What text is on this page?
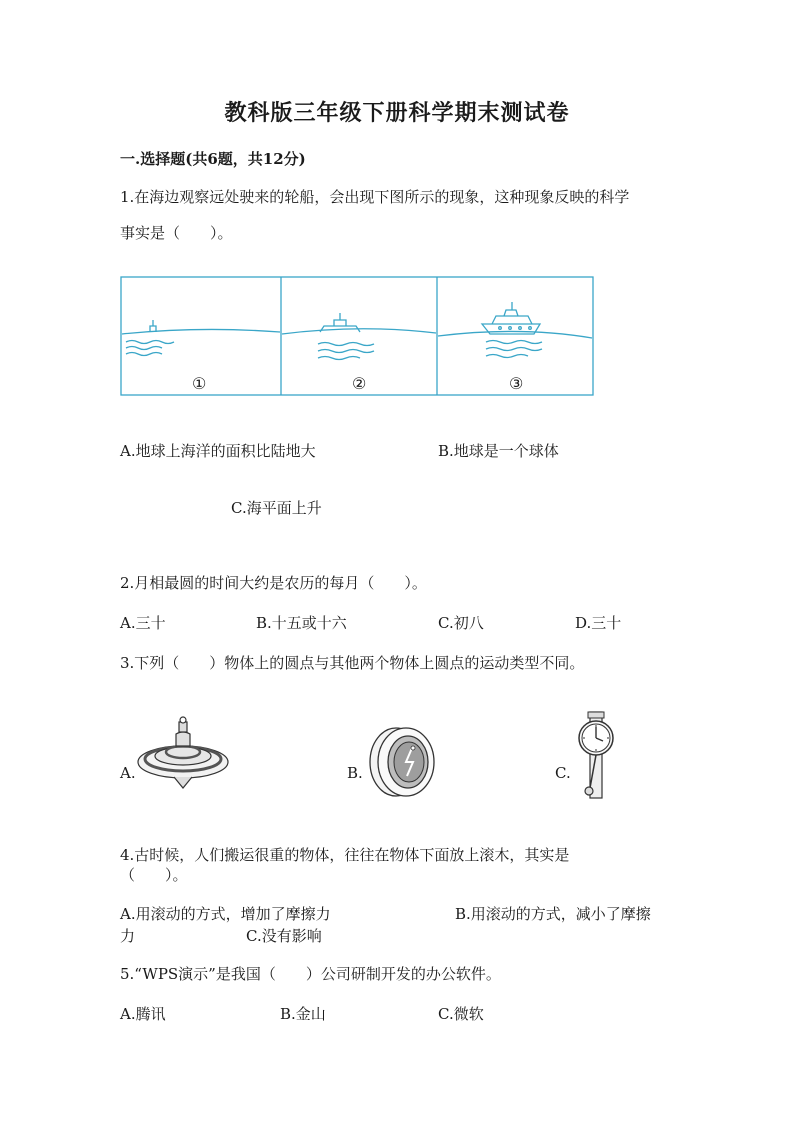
教科版三年级下册科学期末测试卷
一.选择题(共6题，共12分)
1.在海边观察远处驶来的轮船，会出现下图所示的现象，这种现象反映的科学
事实是（　　）。
①	②	③
A.地球上海洋的面积比陆地大	B.地球是一个球体
C.海平面上升
2.月相最圆的时间大约是农历的每月（　　）。
A.三十	B.十五或十六	C.初八	D.三十
3.下列（　　）物体上的圆点与其他两个物体上圆点的运动类型不同。
A.	B.	C.
4.古时候，人们搬运很重的物体，往往在物体下面放上滚木，其实是
（　　）。
A.用滚动的方式，增加了摩擦力	B.用滚动的方式，减小了摩擦
力	C.没有影响
5.“WPS演示”是我国（　　）公司研制开发的办公软件。
A.腾讯	B.金山	C.微软
